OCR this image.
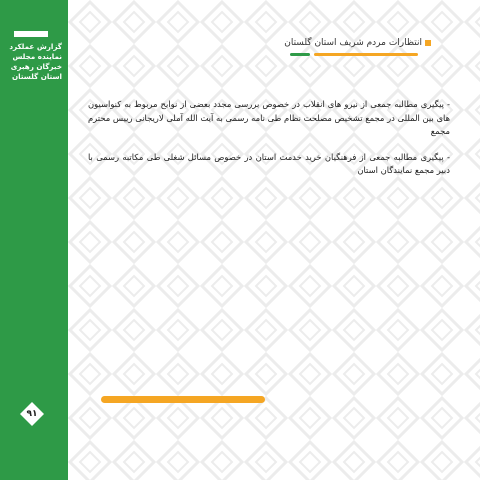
گزارش عملکرد
نماینده مجلس
خبرگان رهبری
استان گلستان
۹۱
انتظارات مردم شریف استان گلستان

- پیگیری مطالبه جمعی از نیرو های انقلاب در خصوص بررسی مجدد بعضی از نوایح مربوط به کنواسیون های بین المللی در مجمع تشخیص مصلحت نظام طی نامه رسمی به آیت الله آملی لاریجانی رییس محترم مجمع

- پیگیری مطالبه جمعی از فرهنگیان خرید خدمت استان در خصوص مسائل شغلی طی مکاتبه رسمی با دبیر مجمع نمایندگان استان
